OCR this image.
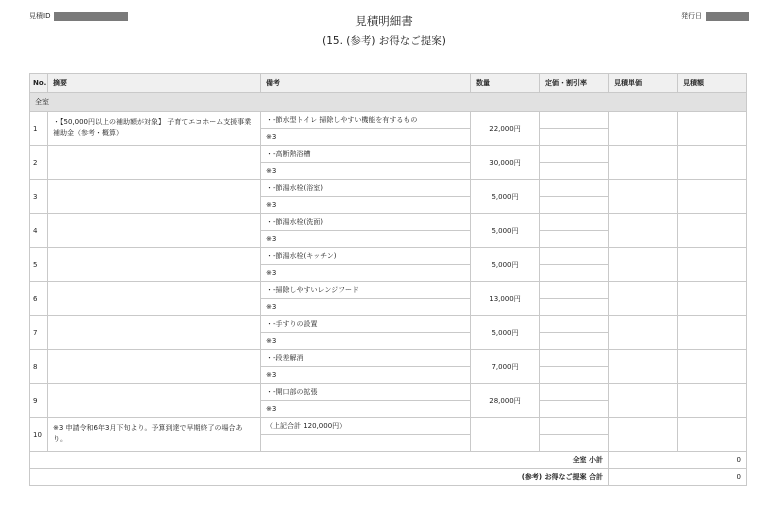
見積ID	発行日
見積明細書
(15. (参考) お得なご提案)
No.	摘要	備考	数量	定価・割引率	見積単価	見積額
全室						
1	・【50,000円以上の補助額が対象】 子育てエコホーム支援事業補助金（参考・概算）	・-節水型トイレ 掃除しやすい機能を有するもの	22,000円			
		※3				
2		・-高断熱浴槽	30,000円			
		※3				
3		・-節湯水栓(浴室)	5,000円			
		※3				
4		・-節湯水栓(洗面)	5,000円			
		※3				
5		・-節湯水栓(キッチン)	5,000円			
		※3				
6		・-掃除しやすいレンジフード	13,000円			
		※3				
7		・-手すりの設置	5,000円			
		※3				
8		・-段差解消	7,000円			
		※3				
9		・-開口部の拡張	28,000円			
		※3				
10	※3 申請令和6年3月下旬より。予算到達で早期終了の場合あり。	（上記合計 120,000円）				

全室 小計					0	
(参考) お得なご提案 合計					0	
